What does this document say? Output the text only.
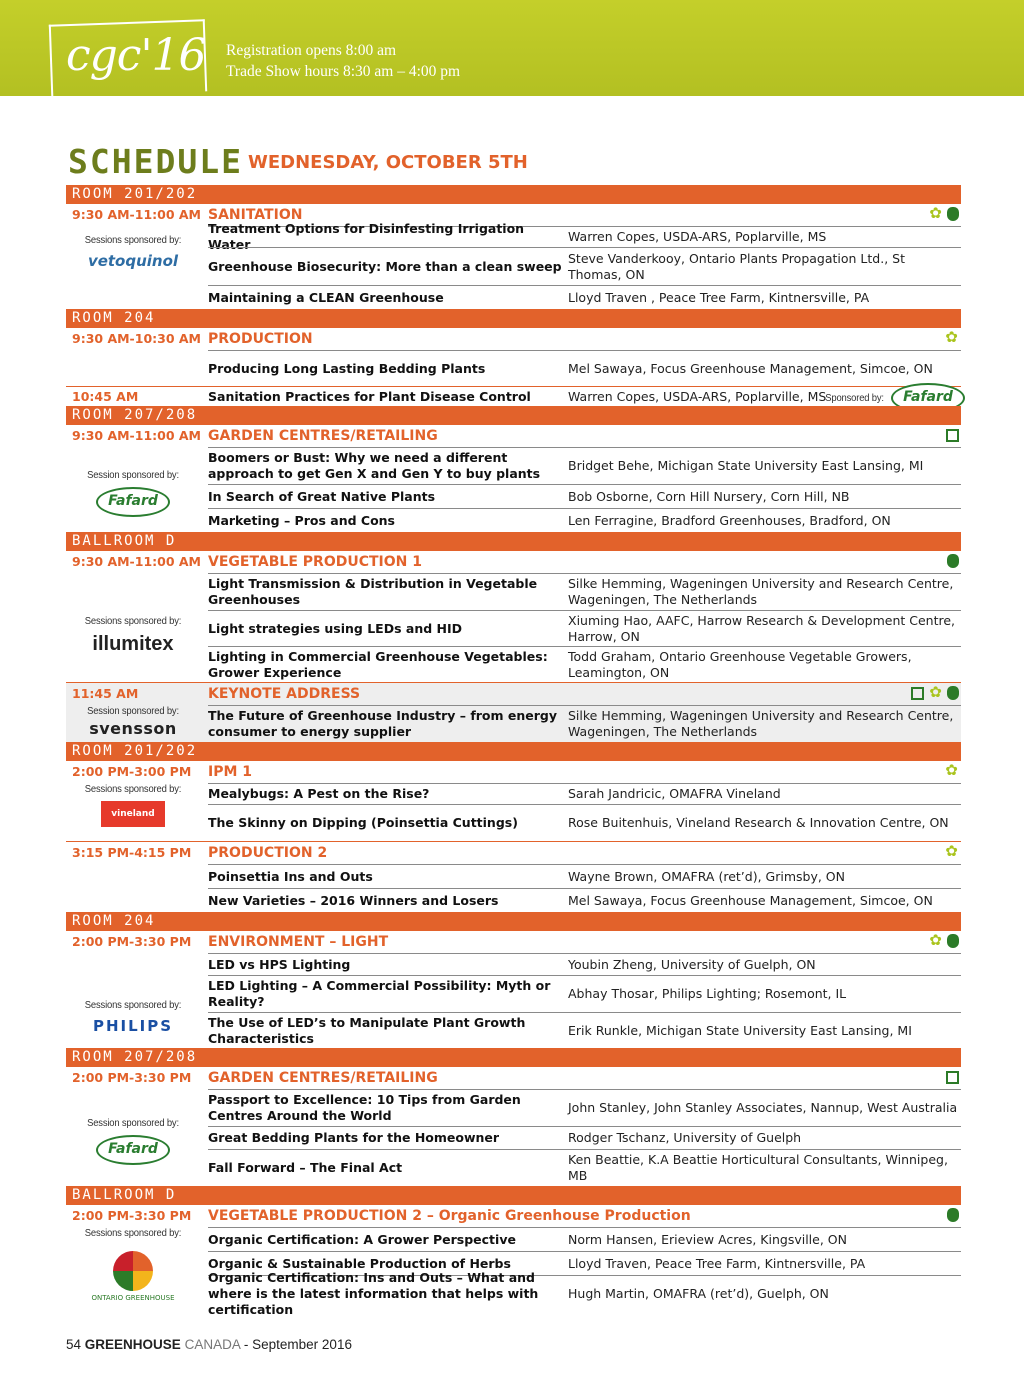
cgc'16 Registration opens 8:00 am
Trade Show hours 8:30 am – 4:00 pm
SCHEDULE WEDNESDAY, OCTOBER 5TH
ROOM 201/202
9:30 AM-11:00 AM SANITATION	✿
Sessions sponsored by:
vetoquinol
Treatment Options for Disinfesting Irrigation Water
Warren Copes, USDA-ARS, Poplarville, MS
Greenhouse Biosecurity: More than a clean sweep
Steve Vanderkooy, Ontario Plants Propagation Ltd., St Thomas, ON
Maintaining a CLEAN Greenhouse	Lloyd Traven , Peace Tree Farm, Kintnersville, PA
ROOM 204
9:30 AM-10:30 AM PRODUCTION	✿
Producing Long Lasting Bedding Plants	Mel Sawaya, Focus Greenhouse Management, Simcoe, ON
10:45 AM	Sanitation Practices for Plant Disease Control	Warren Copes, USDA-ARS, Poplarville, MS
Sponsored by:	Fafard
ROOM 207/208
9:30 AM-11:00 AM GARDEN CENTRES/RETAILING
Session sponsored by:
Fafard
Boomers or Bust: Why we need a different approach to get Gen X and Gen Y to buy plants
Bridget Behe, Michigan State University East Lansing, MI
In Search of Great Native Plants	Bob Osborne, Corn Hill Nursery, Corn Hill, NB
Marketing – Pros and Cons	Len Ferragine, Bradford Greenhouses, Bradford, ON
BALLROOM D
9:30 AM-11:00 AM VEGETABLE PRODUCTION 1
Sessions sponsored by:
illumitex
Light Transmission & Distribution in Vegetable Greenhouses
Silke Hemming, Wageningen University and Research Centre, Wageningen, The Netherlands
Light strategies using LEDs and HID
Xiuming Hao, AAFC, Harrow Research & Development Centre, Harrow, ON
Lighting in Commercial Greenhouse Vegetables: Grower Experience
Todd Graham, Ontario Greenhouse Vegetable Growers, Leamington, ON
11:45 AM	KEYNOTE ADDRESS	✿
Session sponsored by:
svensson
The Future of Greenhouse Industry – from energy consumer to energy supplier
Silke Hemming, Wageningen University and Research Centre, Wageningen, The Netherlands
ROOM 201/202
2:00 PM-3:00 PM IPM 1	✿
Sessions sponsored by:
vineland
Mealybugs: A Pest on the Rise?	Sarah Jandricic, OMAFRA Vineland
The Skinny on Dipping (Poinsettia Cuttings)	Rose Buitenhuis, Vineland Research & Innovation Centre, ON
3:15 PM-4:15 PM PRODUCTION 2	✿
Poinsettia Ins and Outs	Wayne Brown, OMAFRA (ret’d), Grimsby, ON
New Varieties – 2016 Winners and Losers	Mel Sawaya, Focus Greenhouse Management, Simcoe, ON
ROOM 204
2:00 PM-3:30 PM ENVIRONMENT – LIGHT	✿
Sessions sponsored by:
PHILIPS
LED vs HPS Lighting	Youbin Zheng, University of Guelph, ON
LED Lighting – A Commercial Possibility: Myth or Reality?
Abhay Thosar, Philips Lighting; Rosemont, IL
The Use of LED’s to Manipulate Plant Growth Characteristics
Erik Runkle, Michigan State University East Lansing, MI
ROOM 207/208
2:00 PM-3:30 PM GARDEN CENTRES/RETAILING
Session sponsored by:
Fafard
Passport to Excellence: 10 Tips from Garden Centres Around the World
John Stanley, John Stanley Associates, Nannup, West Australia
Great Bedding Plants for the Homeowner	Rodger Tschanz, University of Guelph
Fall Forward – The Final Act
Ken Beattie, K.A Beattie Horticultural Consultants, Winnipeg, MB
BALLROOM D
2:00 PM-3:30 PM VEGETABLE PRODUCTION 2 – Organic Greenhouse Production
Sessions sponsored by:
ONTARIO GREENHOUSE
Organic Certification: A Grower Perspective	Norm Hansen, Erieview Acres, Kingsville, ON
Organic & Sustainable Production of Herbs	Lloyd Traven, Peace Tree Farm, Kintnersville, PA
Organic Certification: Ins and Outs – What and where is the latest information that helps with certification
Hugh Martin, OMAFRA (ret’d), Guelph, ON
54 GREENHOUSE CANADA - September 2016
